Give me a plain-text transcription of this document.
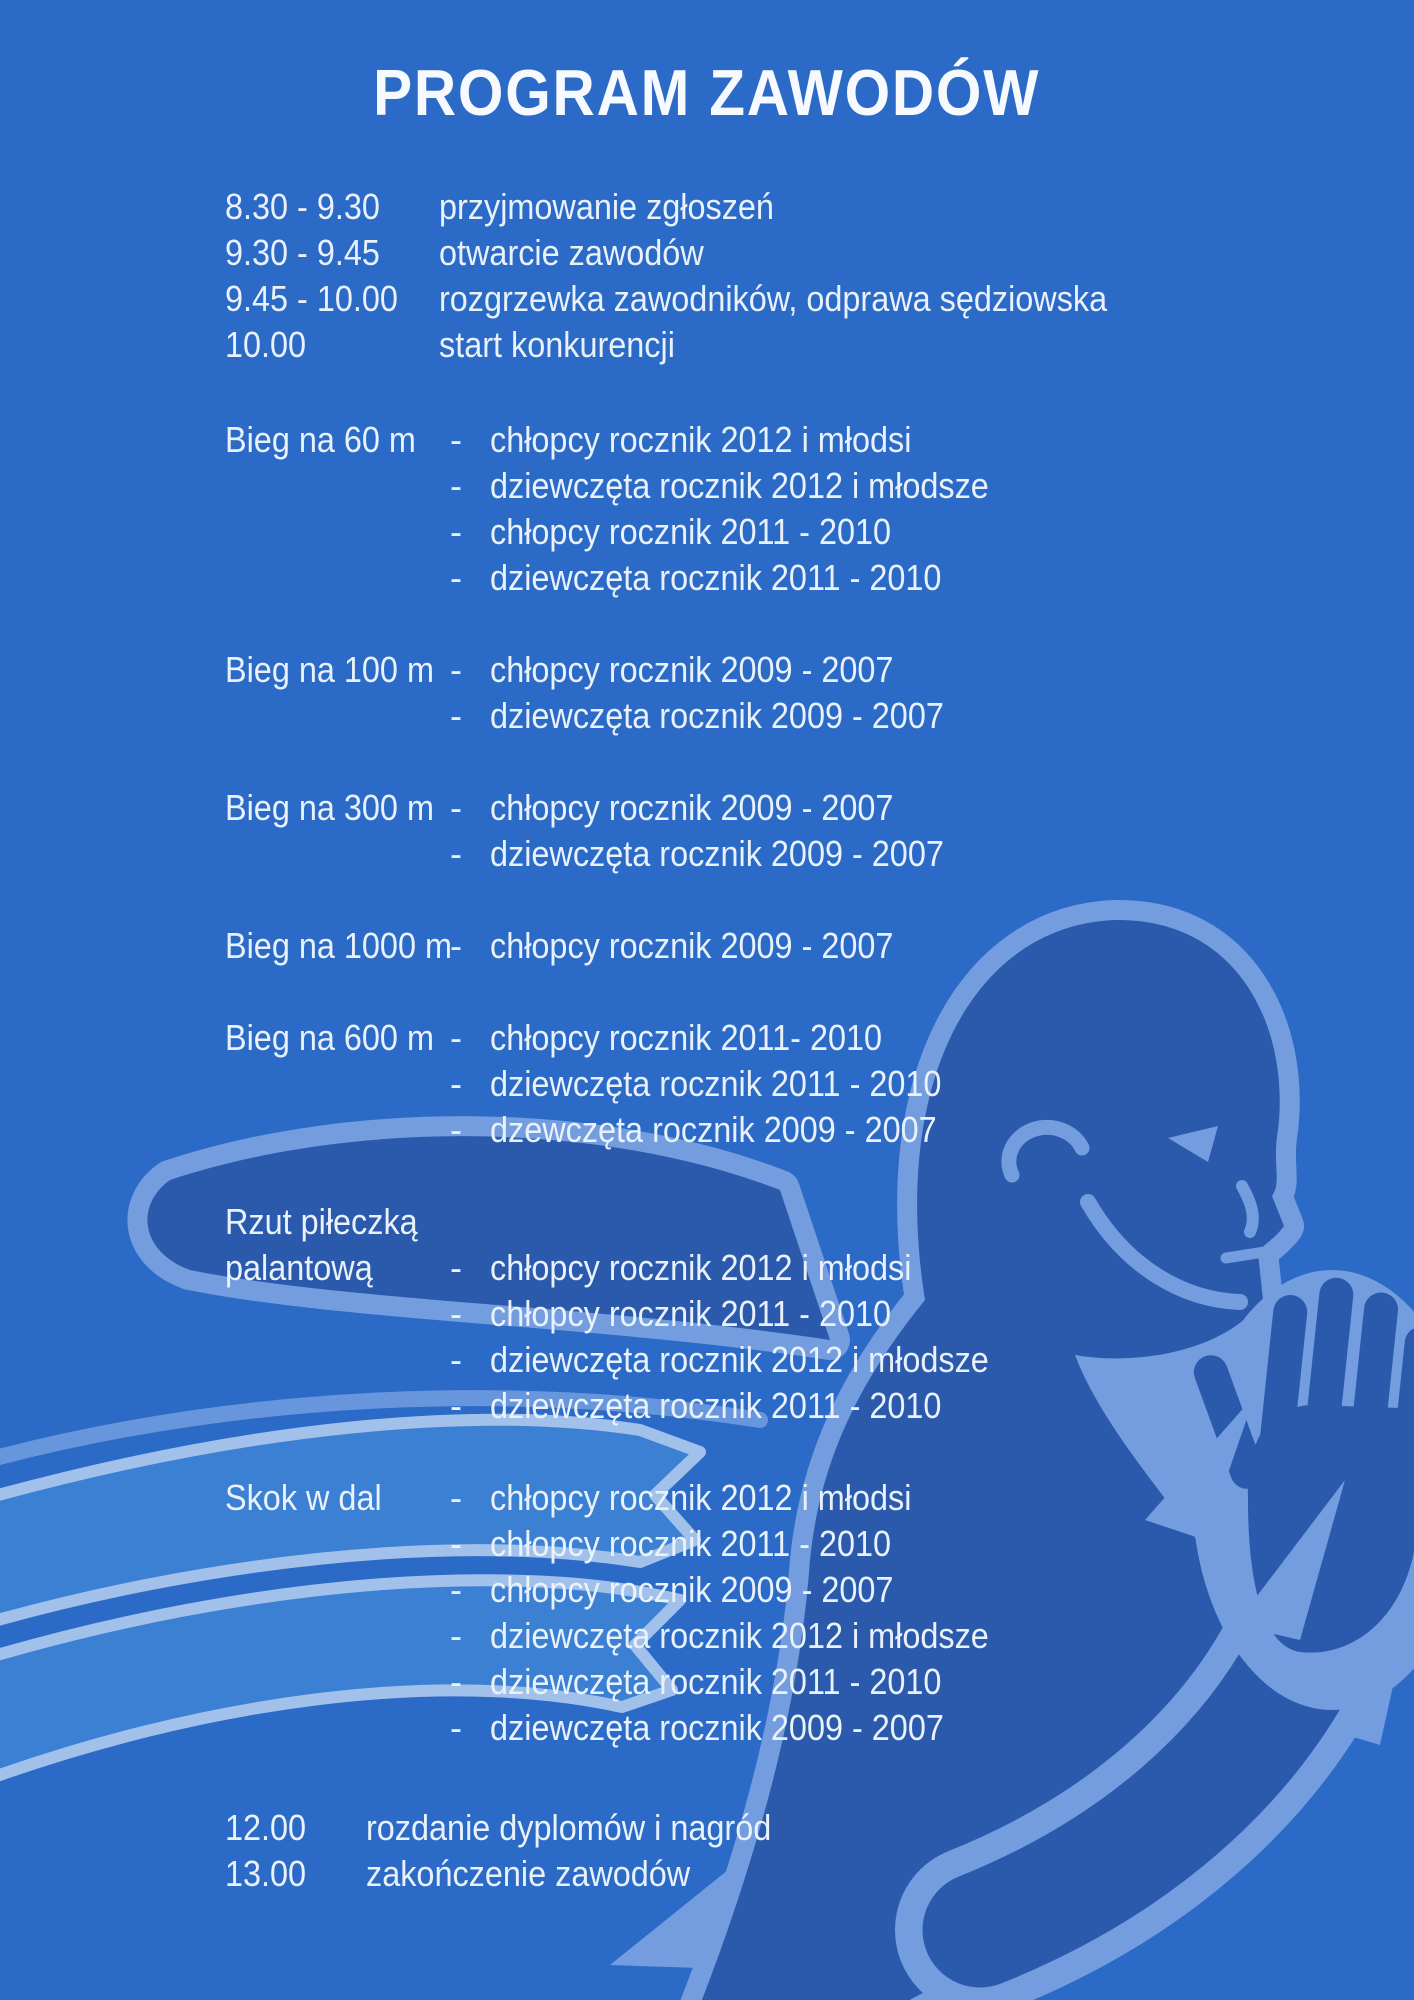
PROGRAM ZAWODÓW
8.30 - 9.30	przyjmowanie zgłoszeń
9.30 - 9.45	otwarcie zawodów
9.45 - 10.00	rozgrzewka zawodników, odprawa sędziowska
10.00	start konkurencji
Bieg na 60 m - chłopcy rocznik 2012 i młodsi
- dziewczęta rocznik 2012 i młodsze
- chłopcy rocznik 2011 - 2010
- dziewczęta rocznik 2011 - 2010
Bieg na 100 m - chłopcy rocznik 2009 - 2007
- dziewczęta rocznik 2009 - 2007
Bieg na 300 m - chłopcy rocznik 2009 - 2007
- dziewczęta rocznik 2009 - 2007
Bieg na 1000 m
- chłopcy rocznik 2009 - 2007
Bieg na 600 m - chłopcy rocznik 2011- 2010
- dziewczęta rocznik 2011 - 2010
- dzewczęta rocznik 2009 - 2007
Rzut piłeczkąpalantową	- chłopcy rocznik 2012 i młodsi
- chłopcy rocznik 2011 - 2010
- dziewczęta rocznik 2012 i młodsze
- dziewczęta rocznik 2011 - 2010
Skok w dal	- chłopcy rocznik 2012 i młodsi
- chłopcy rocznik 2011 - 2010
- chłopcy rocznik 2009 - 2007
- dziewczęta rocznik 2012 i młodsze
- dziewczęta rocznik 2011 - 2010
- dziewczęta rocznik 2009 - 2007
12.00	rozdanie dyplomów i nagród
13.00	zakończenie zawodów
